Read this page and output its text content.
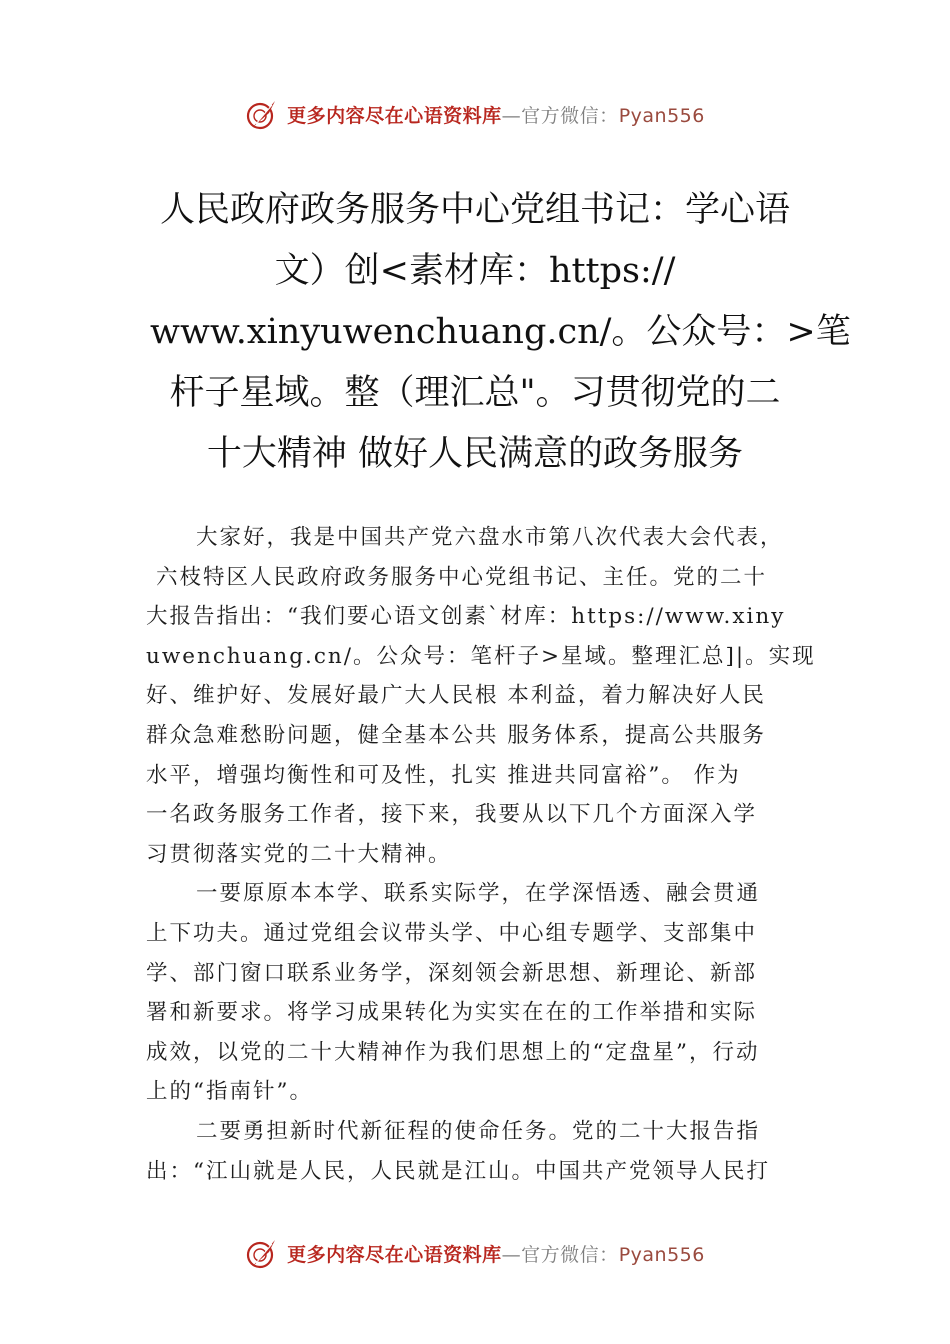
更多内容尽在心语资料库—官方微信：Pyan556
人民政府政务服务中心党组书记：学心语
文）创<素材库：https://
www.xinyuwenchuang.cn/。公众号：>笔
杆子星域。整（理汇总"。习贯彻党的二
十大精神 做好人民满意的政务服务
大家好，我是中国共产党六盘水市第八次代表大会代表，
六枝特区人民政府政务服务中心党组书记、主任。党的二十
大报告指出：“我们要心语文创素`材库：https://www.xiny
uwenchuang.cn/。公众号：笔杆子>星域。整理汇总]|。实现
好、维护好、发展好最广大人民根 本利益，着力解决好人民
群众急难愁盼问题，健全基本公共 服务体系，提高公共服务
水平，增强均衡性和可及性，扎实 推进共同富裕”。 作为
一名政务服务工作者，接下来，我要从以下几个方面深入学
习贯彻落实党的二十大精神。
一要原原本本学、联系实际学，在学深悟透、融会贯通
上下功夫。通过党组会议带头学、中心组专题学、支部集中
学、部门窗口联系业务学，深刻领会新思想、新理论、新部
署和新要求。将学习成果转化为实实在在的工作举措和实际
成效，以党的二十大精神作为我们思想上的“定盘星”，行动
上的“指南针”。
二要勇担新时代新征程的使命任务。党的二十大报告指
出：“江山就是人民，人民就是江山。中国共产党领导人民打
更多内容尽在心语资料库—官方微信：Pyan556
